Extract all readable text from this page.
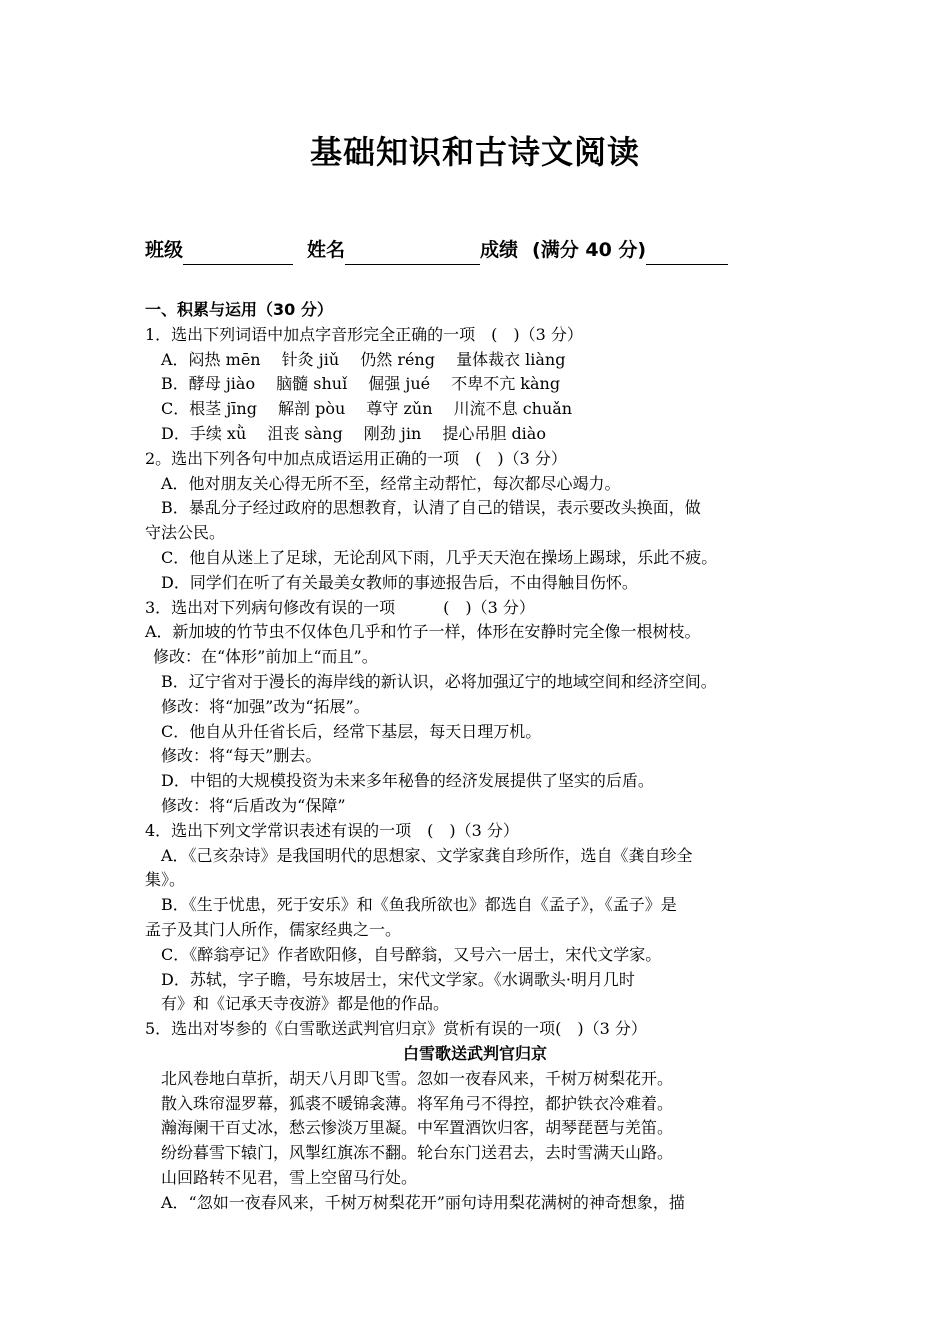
基础知识和古诗文阅读
班级	姓名	成绩 (满分 40 分)
一、积累与运用（30 分）
1．选出下列词语中加点字音形完全正确的一项　(　)（3 分）
A．闷热 mēn　 针灸 jiǔ　 仍然 réng　 量体裁衣 liàng
B．酵母 jiào　 脑髓 shuǐ　 倔强 jué　 不卑不亢 kàng
C．根茎 jīng　 解剖 pòu　 尊守 zǔn　 川流不息 chuǎn
D．手续 xǜ　 沮丧 sàng　 刚劲 jin　 提心吊胆 diào
2。选出下列各句中加点成语运用正确的一项　(　)（3 分）
A．他对朋友关心得无所不至，经常主动帮忙，每次都尽心竭力。
B．暴乱分子经过政府的思想教育，认清了自己的错误，表示要改头换面，做
守法公民。
C．他自从迷上了足球，无论刮风下雨，几乎天天泡在操场上踢球，乐此不疲。
D．同学们在听了有关最美女教师的事迹报告后，不由得触目伤怀。
3．选出对下列病句修改有误的一项　　　(　)（3 分）
A．新加坡的竹节虫不仅体色几乎和竹子一样，体形在安静时完全像一根树枝。
修改：在“体形”前加上“而且”。
B．辽宁省对于漫长的海岸线的新认识，必将加强辽宁的地域空间和经济空间。
修改：将“加强”改为“拓展”。
C．他自从升任省长后，经常下基层，每天日理万机。
修改：将“每天”删去。
D．中铝的大规模投资为未来多年秘鲁的经济发展提供了坚实的后盾。
修改：将“后盾改为“保障”
4．选出下列文学常识表述有误的一项　(　)（3 分）
A．《己亥杂诗》是我国明代的思想家、文学家龚自珍所作，选自《龚自珍全
集》。
B．《生于忧患，死于安乐》和《鱼我所欲也》都选自《孟子》，《孟子》是
孟子及其门人所作，儒家经典之一。
C．《醉翁亭记》作者欧阳修，自号醉翁，又号六一居士，宋代文学家。
D．苏轼，字子瞻，号东坡居士，宋代文学家。《水调歌头·明月几时
有》和《记承天寺夜游》都是他的作品。
5．选出对岑参的《白雪歌送武判官归京》赏析有误的一项(　)（3 分）
白雪歌送武判官归京
北风卷地白草折，胡天八月即飞雪。忽如一夜春风来，千树万树梨花开。
散入珠帘湿罗幕，狐裘不暖锦衾薄。将军角弓不得控，都护铁衣冷难着。
瀚海阑干百丈冰，愁云惨淡万里凝。中军置酒饮归客，胡琴琵琶与羌笛。
纷纷暮雪下辕门，风掣红旗冻不翻。轮台东门送君去，去时雪满天山路。
山回路转不见君，雪上空留马行处。
A．“忽如一夜春风来，千树万树梨花开”丽句诗用梨花满树的神奇想象，描
